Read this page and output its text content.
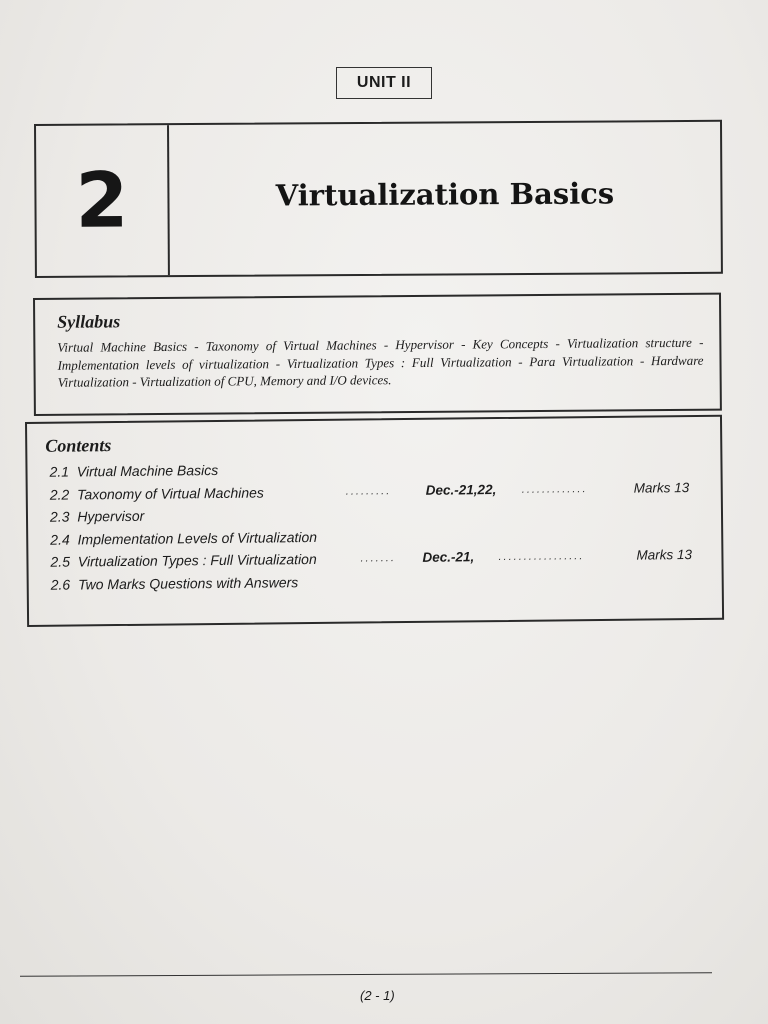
UNIT II
2	Virtualization Basics

Syllabus

Virtual Machine Basics - Taxonomy of Virtual Machines - Hypervisor - Key Concepts - Virtualization structure - Implementation levels of virtualization - Virtualization Types : Full Virtualization - Para Virtualization - Hardware Virtualization - Virtualization of CPU, Memory and I/O devices.

Contents

2.1 Virtual Machine Basics
2.2 Taxonomy of Virtual Machines	.........	Dec.-21,22, .............	Marks 13
2.3 Hypervisor
2.4 Implementation Levels of Virtualization
2.5 Virtualization Types : Full Virtualization	....... Dec.-21, .................	Marks 13
2.6 Two Marks Questions with Answers
(2 - 1)
